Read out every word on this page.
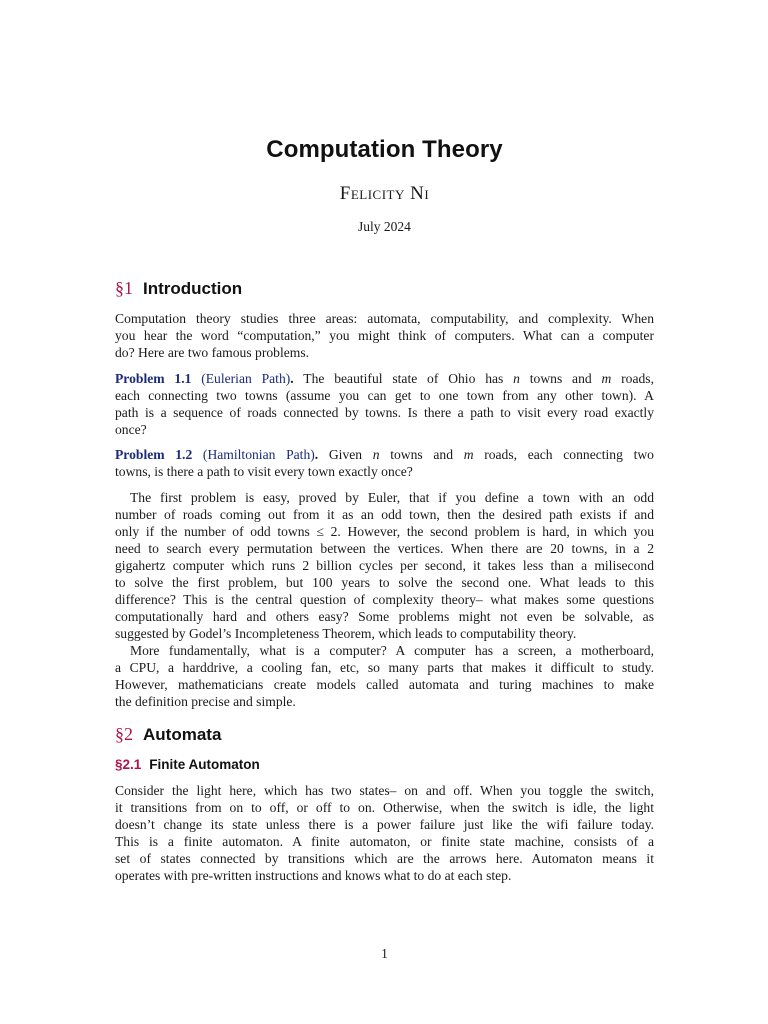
Computation Theory
Felicity Ni
July 2024
§1 Introduction
Computation theory studies three areas: automata, computability, and complexity. When
you hear the word “computation,” you might think of computers. What can a computer
do? Here are two famous problems.
Problem 1.1 (Eulerian Path). The beautiful state of Ohio has n towns and m roads,
each connecting two towns (assume you can get to one town from any other town). A
path is a sequence of roads connected by towns. Is there a path to visit every road exactly
once?
Problem 1.2 (Hamiltonian Path). Given n towns and m roads, each connecting two
towns, is there a path to visit every town exactly once?
The first problem is easy, proved by Euler, that if you define a town with an odd
number of roads coming out from it as an odd town, then the desired path exists if and
only if the number of odd towns ≤ 2. However, the second problem is hard, in which you
need to search every permutation between the vertices. When there are 20 towns, in a 2
gigahertz computer which runs 2 billion cycles per second, it takes less than a milisecond
to solve the first problem, but 100 years to solve the second one. What leads to this
difference? This is the central question of complexity theory– what makes some questions
computationally hard and others easy? Some problems might not even be solvable, as
suggested by Godel’s Incompleteness Theorem, which leads to computability theory.
More fundamentally, what is a computer? A computer has a screen, a motherboard,
a CPU, a harddrive, a cooling fan, etc, so many parts that makes it difficult to study.
However, mathematicians create models called automata and turing machines to make
the definition precise and simple.
§2 Automata
§2.1 Finite Automaton
Consider the light here, which has two states– on and off. When you toggle the switch,
it transitions from on to off, or off to on. Otherwise, when the switch is idle, the light
doesn’t change its state unless there is a power failure just like the wifi failure today.
This is a finite automaton. A finite automaton, or finite state machine, consists of a
set of states connected by transitions which are the arrows here. Automaton means it
operates with pre-written instructions and knows what to do at each step.
1
